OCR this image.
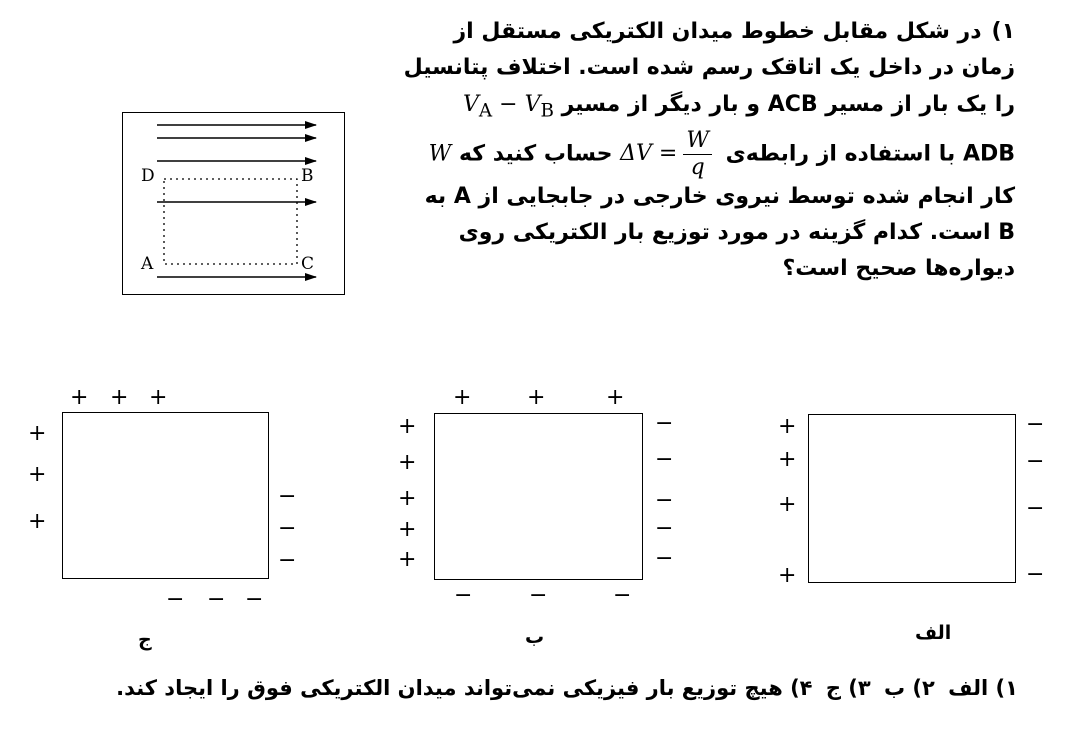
۱)در شکل مقابل خطوط میدان الکتریکی مستقل از
زمان در داخل یک اتاقک رسم شده است. اختلاف پتانسیل
را یک بار از مسیر ACB و بار دیگر از مسیر $V_A - V_B$
ADB با استفاده از رابطه‌ی $\Delta V = \frac{W}{q}$
حساب کنید که W
کار انجام شده توسط نیروی خارجی در جابجایی از A به
B است. کدام گزینه در مورد توزیع بار الکتریکی روی
دیواره‌ها صحیح است؟
D	B
A	C
+
+
+
+
−
−
−
−
الف
+	+	+
+
+
+
+
+
−
−
−
−
−
−	−	−
ب
+ + +
+
+
+
−
−
−
− − −
ج
۱) الف ۲) ب ۳) ج ۴) هیچ توزیع بار فیزیکی نمی‌تواند میدان الکتریکی فوق را ایجاد کند.
